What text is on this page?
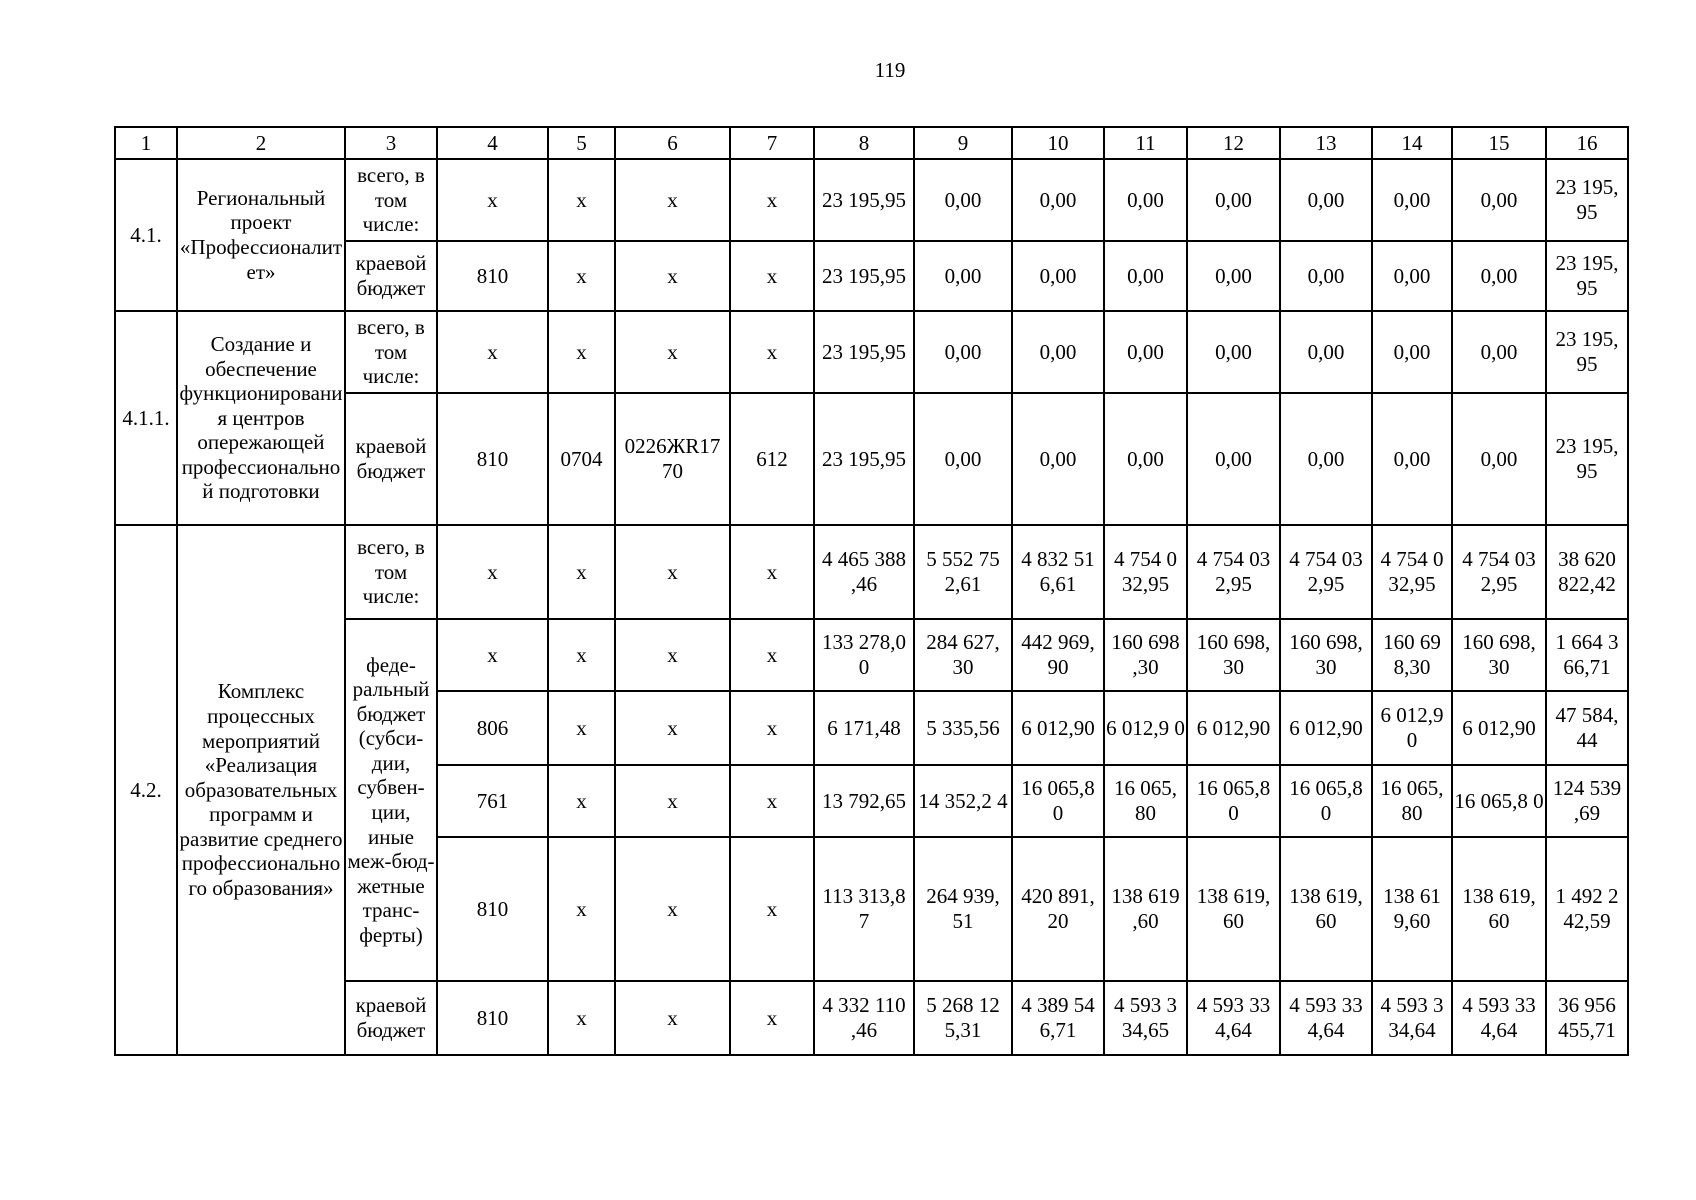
119
1	2	3	4	5	6	7	8	9	10	11	12	13	14	15	16
4.1.	Региональный проект «Профессионалитет»	всего, в том числе:	x	x	x	x	23 195,95	0,00	0,00	0,00	0,00	0,00	0,00	0,00	23 195, 95
		краевой бюджет	810	x	x	x	23 195,95	0,00	0,00	0,00	0,00	0,00	0,00	0,00	23 195, 95
4.1.1.	Создание и обеспечение функционирования центров опережающей профессиональной подготовки	всего, в том числе:	x	x	x	x	23 195,95	0,00	0,00	0,00	0,00	0,00	0,00	0,00	23 195, 95
		краевой бюджет	810	0704	0226ЖR17 70	612	23 195,95	0,00	0,00	0,00	0,00	0,00	0,00	0,00	23 195, 95
4.2.	Комплекс процессных мероприятий «Реализация образовательных программ и развитие среднего профессионального образования»	всего, в том числе:	x	x	x	x	4 465 388 ,46	5 552 75 2,61	4 832 51 6,61	4 754 0 32,95	4 754 03 2,95	4 754 03 2,95	4 754 0 32,95	4 754 03 2,95	38 620 822,42
		феде-ральный бюджет (субси-дии, субвен-ции, иные меж-бюд-жетные транс-ферты)	x	x	x	x	133 278,0 0	284 627, 30	442 969, 90	160 698 ,30	160 698, 30	160 698, 30	160 69 8,30	160 698, 30	1 664 3 66,71
			806	x	x	x	6 171,48	5 335,56	6 012,90	6 012,9 0	6 012,90	6 012,90	6 012,9 0	6 012,90	47 584, 44
			761	x	x	x	13 792,65	14 352,2 4	16 065,8 0	16 065, 80	16 065,8 0	16 065,8 0	16 065, 80	16 065,8 0	124 539 ,69
			810	x	x	x	113 313,8 7	264 939, 51	420 891, 20	138 619 ,60	138 619, 60	138 619, 60	138 61 9,60	138 619, 60	1 492 2 42,59
		краевой бюджет	810	x	x	x	4 332 110 ,46	5 268 12 5,31	4 389 54 6,71	4 593 3 34,65	4 593 33 4,64	4 593 33 4,64	4 593 3 34,64	4 593 33 4,64	36 956 455,71
